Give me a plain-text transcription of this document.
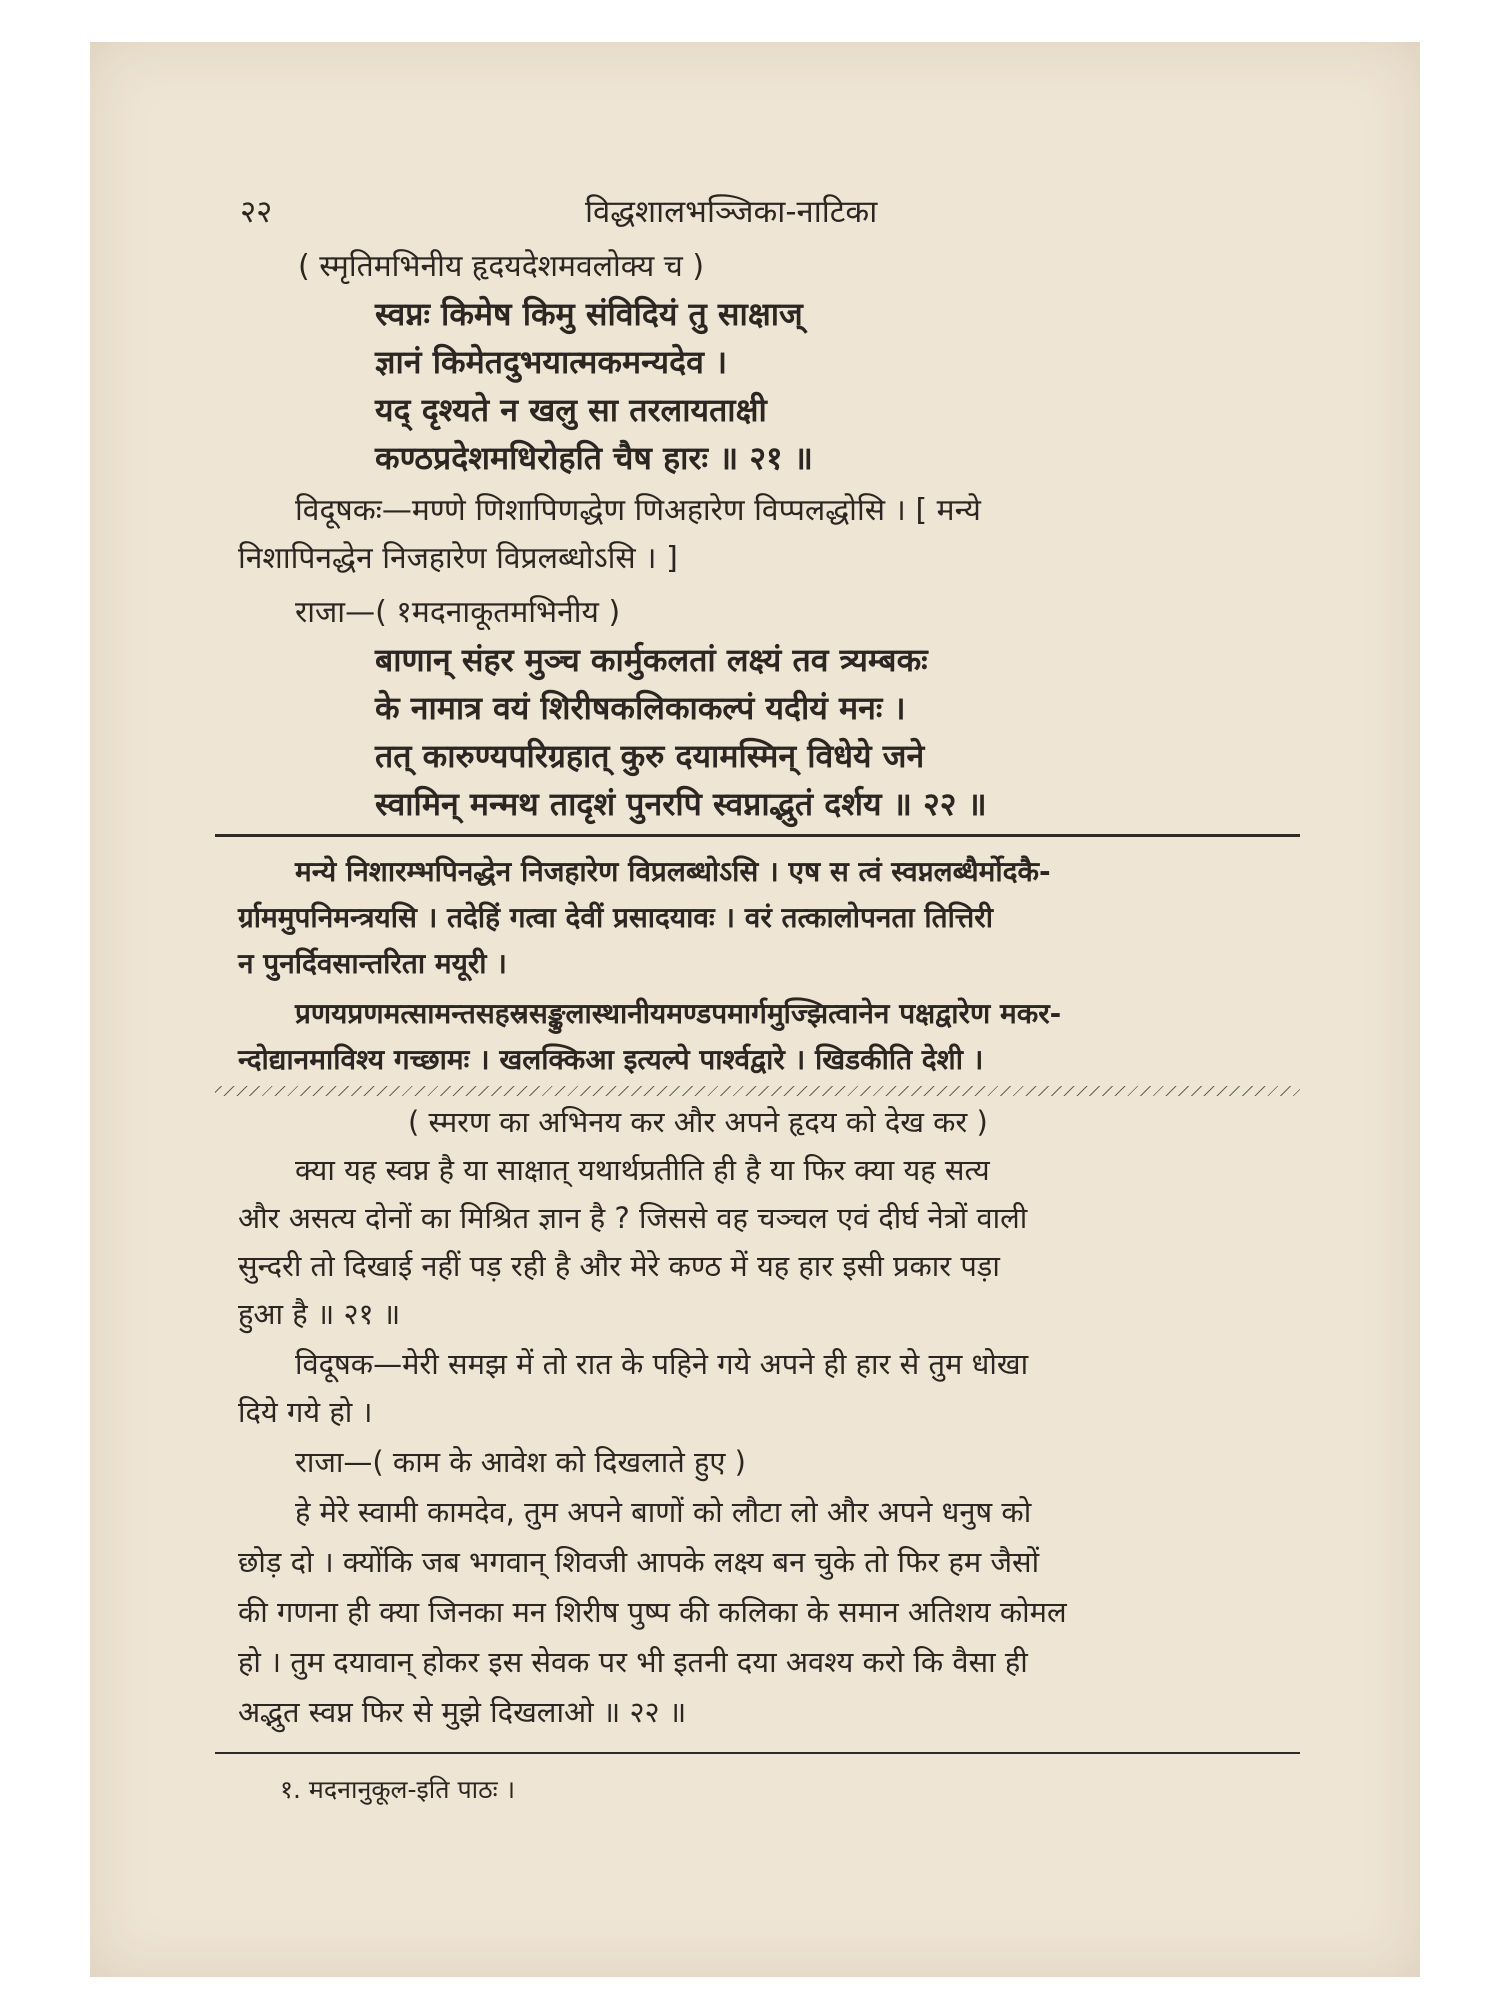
२२	विद्धशालभञ्जिका-नाटिका
( स्मृतिमभिनीय हृदयदेशमवलोक्य च )
स्वप्नः किमेष किमु संविदियं तु साक्षाज्
ज्ञानं किमेतदुभयात्मकमन्यदेव ।
यद् दृश्यते न खलु सा तरलायताक्षी
कण्ठप्रदेशमधिरोहति चैष हारः ॥ २१ ॥
विदूषकः—मण्णे णिशापिणद्धेण णिअहारेण विप्पलद्धोसि । [ मन्ये
निशापिनद्धेन निजहारेण विप्रलब्धोऽसि । ]
राजा—( १मदनाकूतमभिनीय )
बाणान् संहर मुञ्च कार्मुकलतां लक्ष्यं तव त्र्यम्बकः
के नामात्र वयं शिरीषकलिकाकल्पं यदीयं मनः ।
तत् कारुण्यपरिग्रहात् कुरु दयामस्मिन् विधेये जने
स्वामिन् मन्मथ तादृशं पुनरपि स्वप्नाद्भुतं दर्शय ॥ २२ ॥
मन्ये निशारम्भपिनद्धेन निजहारेण विप्रलब्धोऽसि । एष स त्वं स्वप्नलब्धैर्मोदकै-
र्ग्राममुपनिमन्त्रयसि । तदेहिं गत्वा देवीं प्रसादयावः । वरं तत्कालोपनता तित्तिरी
न पुनर्दिवसान्तरिता मयूरी ।
प्रणयप्रणमत्सामन्तसहस्रसङ्कुलास्थानीयमण्डपमार्गमुज्झित्वानेन पक्षद्वारेण मकर-
न्दोद्यानमाविश्य गच्छामः । खलक्किआ इत्यल्पे पार्श्वद्वारे । खिडकीति देशी ।
( स्मरण का अभिनय कर और अपने हृदय को देख कर )
क्या यह स्वप्न है या साक्षात् यथार्थप्रतीति ही है या फिर क्या यह सत्य
और असत्य दोनों का मिश्रित ज्ञान है ? जिससे वह चञ्चल एवं दीर्घ नेत्रों वाली
सुन्दरी तो दिखाई नहीं पड़ रही है और मेरे कण्ठ में यह हार इसी प्रकार पड़ा
हुआ है ॥ २१ ॥
विदूषक—मेरी समझ में तो रात के पहिने गये अपने ही हार से तुम धोखा
दिये गये हो ।
राजा—( काम के आवेश को दिखलाते हुए )
हे मेरे स्वामी कामदेव, तुम अपने बाणों को लौटा लो और अपने धनुष को
छोड़ दो । क्योंकि जब भगवान् शिवजी आपके लक्ष्य बन चुके तो फिर हम जैसों
की गणना ही क्या जिनका मन शिरीष पुष्प की कलिका के समान अतिशय कोमल
हो । तुम दयावान् होकर इस सेवक पर भी इतनी दया अवश्य करो कि वैसा ही
अद्भुत स्वप्न फिर से मुझे दिखलाओ ॥ २२ ॥
१. मदनानुकूल-इति पाठः ।
